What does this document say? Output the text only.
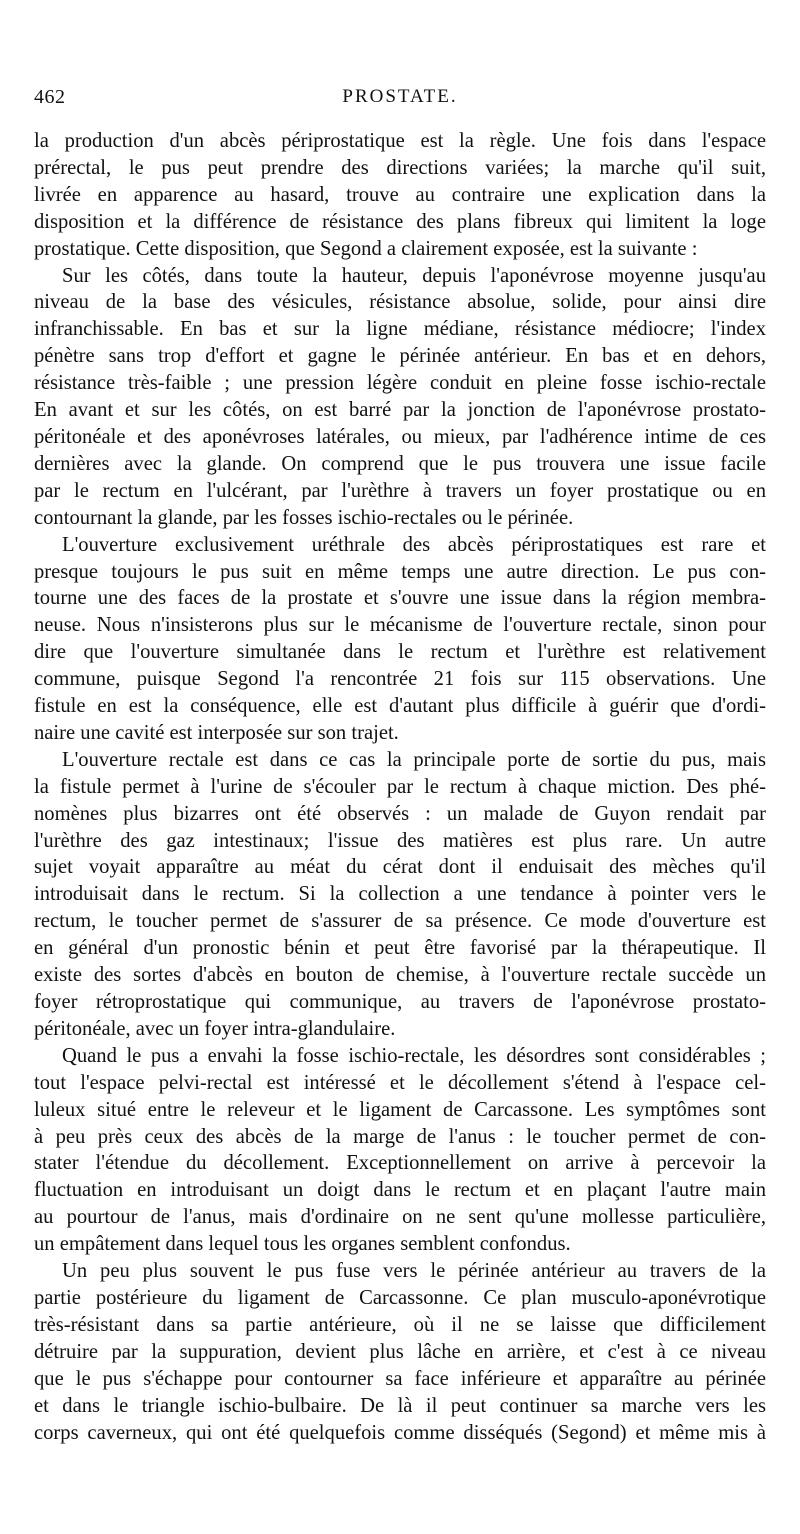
462	PROSTATE.
la production d'un abcès périprostatique est la règle. Une fois dans l'espace
prérectal, le pus peut prendre des directions variées; la marche qu'il suit,
livrée en apparence au hasard, trouve au contraire une explication dans la
disposition et la différence de résistance des plans fibreux qui limitent la loge
prostatique. Cette disposition, que Segond a clairement exposée, est la suivante :
Sur les côtés, dans toute la hauteur, depuis l'aponévrose moyenne jusqu'au
niveau de la base des vésicules, résistance absolue, solide, pour ainsi dire
infranchissable. En bas et sur la ligne médiane, résistance médiocre; l'index
pénètre sans trop d'effort et gagne le périnée antérieur. En bas et en dehors,
résistance très-faible ; une pression légère conduit en pleine fosse ischio-rectale
En avant et sur les côtés, on est barré par la jonction de l'aponévrose prostato-
péritonéale et des aponévroses latérales, ou mieux, par l'adhérence intime de ces
dernières avec la glande. On comprend que le pus trouvera une issue facile
par le rectum en l'ulcérant, par l'urèthre à travers un foyer prostatique ou en
contournant la glande, par les fosses ischio-rectales ou le périnée.
L'ouverture exclusivement uréthrale des abcès périprostatiques est rare et
presque toujours le pus suit en même temps une autre direction. Le pus con-
tourne une des faces de la prostate et s'ouvre une issue dans la région membra-
neuse. Nous n'insisterons plus sur le mécanisme de l'ouverture rectale, sinon pour
dire que l'ouverture simultanée dans le rectum et l'urèthre est relativement
commune, puisque Segond l'a rencontrée 21 fois sur 115 observations. Une
fistule en est la conséquence, elle est d'autant plus difficile à guérir que d'ordi-
naire une cavité est interposée sur son trajet.
L'ouverture rectale est dans ce cas la principale porte de sortie du pus, mais
la fistule permet à l'urine de s'écouler par le rectum à chaque miction. Des phé-
nomènes plus bizarres ont été observés : un malade de Guyon rendait par
l'urèthre des gaz intestinaux; l'issue des matières est plus rare. Un autre
sujet voyait apparaître au méat du cérat dont il enduisait des mèches qu'il
introduisait dans le rectum. Si la collection a une tendance à pointer vers le
rectum, le toucher permet de s'assurer de sa présence. Ce mode d'ouverture est
en général d'un pronostic bénin et peut être favorisé par la thérapeutique. Il
existe des sortes d'abcès en bouton de chemise, à l'ouverture rectale succède un
foyer rétroprostatique qui communique, au travers de l'aponévrose prostato-
péritonéale, avec un foyer intra-glandulaire.
Quand le pus a envahi la fosse ischio-rectale, les désordres sont considérables ;
tout l'espace pelvi-rectal est intéressé et le décollement s'étend à l'espace cel-
luleux situé entre le releveur et le ligament de Carcassone. Les symptômes sont
à peu près ceux des abcès de la marge de l'anus : le toucher permet de con-
stater l'étendue du décollement. Exceptionnellement on arrive à percevoir la
fluctuation en introduisant un doigt dans le rectum et en plaçant l'autre main
au pourtour de l'anus, mais d'ordinaire on ne sent qu'une mollesse particulière,
un empâtement dans lequel tous les organes semblent confondus.
Un peu plus souvent le pus fuse vers le périnée antérieur au travers de la
partie postérieure du ligament de Carcassonne. Ce plan musculo-aponévrotique
très-résistant dans sa partie antérieure, où il ne se laisse que difficilement
détruire par la suppuration, devient plus lâche en arrière, et c'est à ce niveau
que le pus s'échappe pour contourner sa face inférieure et apparaître au périnée
et dans le triangle ischio-bulbaire. De là il peut continuer sa marche vers les
corps caverneux, qui ont été quelquefois comme disséqués (Segond) et même mis à
